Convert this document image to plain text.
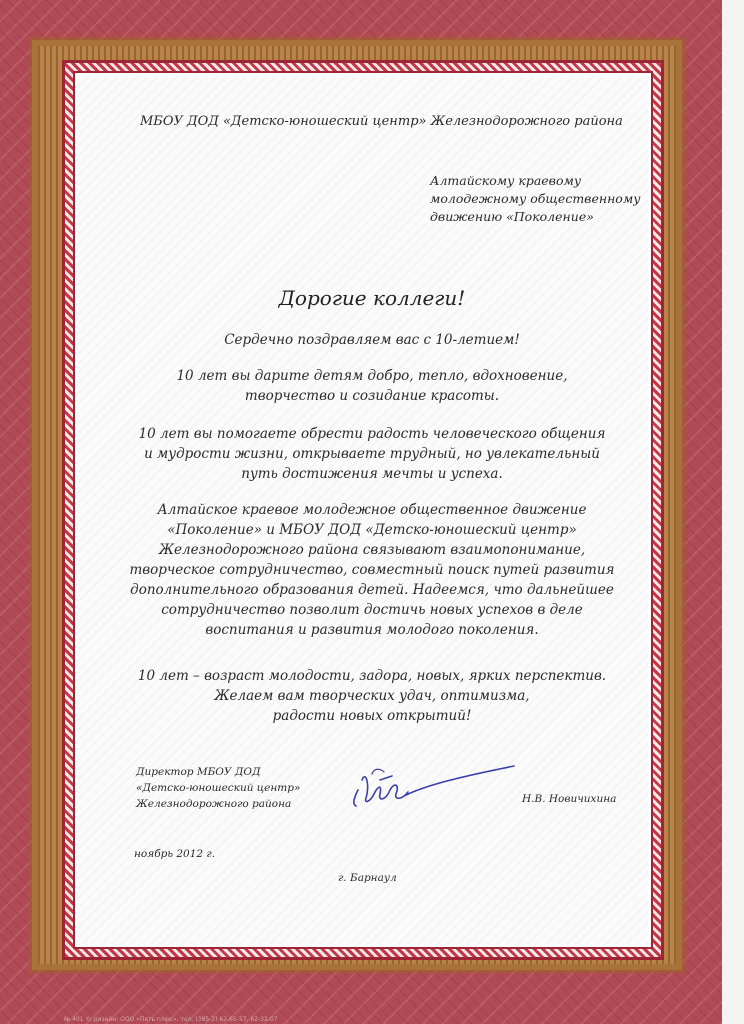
МБОУ ДОД «Детско-юношеский центр» Железнодорожного района

Алтайскому краевому
молодежному общественному
движению «Поколение»

Дорогие коллеги!

Сердечно поздравляем вас с 10-летием!
10 лет вы дарите детям добро, тепло, вдохновение,
творчество и созидание красоты.
10 лет вы помогаете обрести радость человеческого общения
и мудрости жизни, открываете трудный, но увлекательный
путь достижения мечты и успеха.
Алтайское краевое молодежное общественное движение
«Поколение» и МБОУ ДОД «Детско-юношеский центр»
Железнодорожного района связывают взаимопонимание,
творческое сотрудничество, совместный поиск путей развития
дополнительного образования детей. Надеемся, что дальнейшее
сотрудничество позволит достичь новых успехов в деле
воспитания и развития молодого поколения.
10 лет – возраст молодости, задора, новых, ярких перспектив.
Желаем вам творческих удач, оптимизма,
радости новых открытий!
Директор МБОУ ДОД
«Детско-юношеский центр»
Железнодорожного района	Н.В. Новичихина

ноябрь 2012 г.

г. Барнаул

№ 401 © дизайн: ООО «Пять плюс», тел. (385-2) 62-65-57, 62-32-07
